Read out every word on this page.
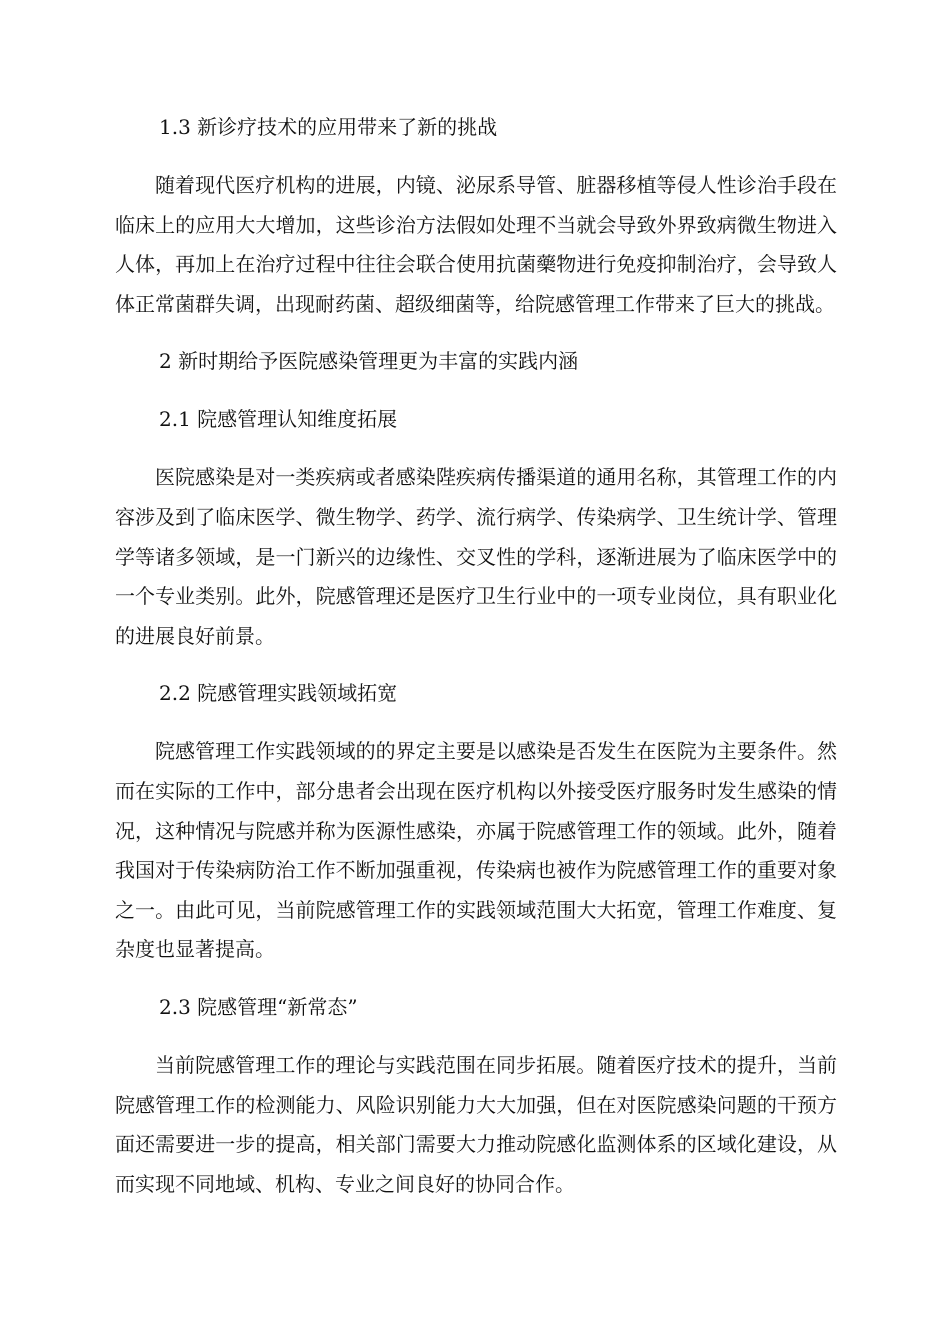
1.3 新诊疗技术的应用带来了新的挑战

随着现代医疗机构的进展，内镜、泌尿系导管、脏器移植等侵人性诊治手段在临床上的应用大大增加，这些诊治方法假如处理不当就会导致外界致病微生物进入人体，再加上在治疗过程中往往会联合使用抗菌藥物进行免疫抑制治疗，会导致人体正常菌群失调，出现耐药菌、超级细菌等，给院感管理工作带来了巨大的挑战。

2 新时期给予医院感染管理更为丰富的实践内涵
2.1 院感管理认知维度拓展

医院感染是对一类疾病或者感染陛疾病传播渠道的通用名称，其管理工作的内容涉及到了临床医学、微生物学、药学、流行病学、传染病学、卫生统计学、管理学等诸多领域，是一门新兴的边缘性、交叉性的学科，逐渐进展为了临床医学中的一个专业类别。此外，院感管理还是医疗卫生行业中的一项专业岗位，具有职业化的进展良好前景。

2.2 院感管理实践领域拓宽

院感管理工作实践领域的的界定主要是以感染是否发生在医院为主要条件。然而在实际的工作中，部分患者会出现在医疗机构以外接受医疗服务时发生感染的情况，这种情况与院感并称为医源性感染，亦属于院感管理工作的领域。此外，随着我国对于传染病防治工作不断加强重视，传染病也被作为院感管理工作的重要对象之一。由此可见，当前院感管理工作的实践领域范围大大拓宽，管理工作难度、复杂度也显著提高。

2.3 院感管理“新常态”

当前院感管理工作的理论与实践范围在同步拓展。随着医疗技术的提升，当前院感管理工作的检测能力、风险识别能力大大加强，但在对医院感染问题的干预方面还需要进一步的提高，相关部门需要大力推动院感化监测体系的区域化建设，从而实现不同地域、机构、专业之间良好的协同合作。
